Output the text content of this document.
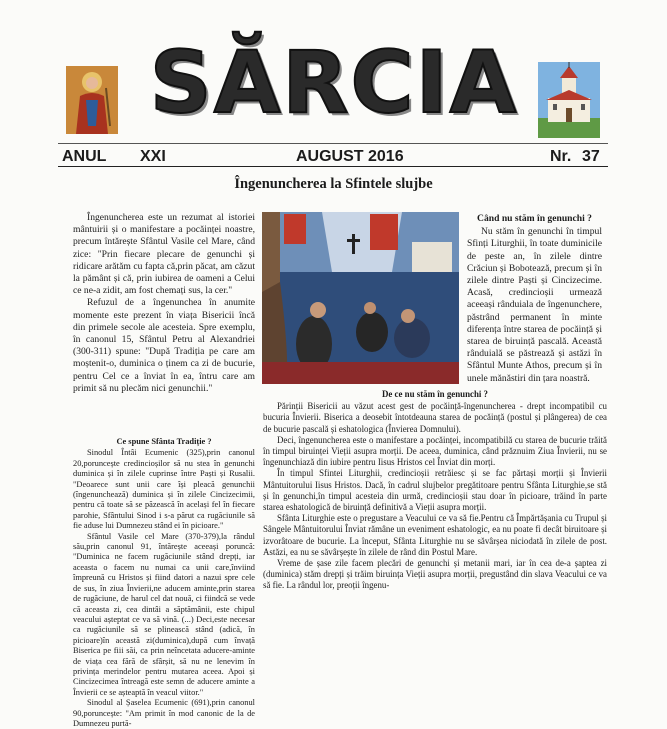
SĂRCIA
ANUL XXI	AUGUST 2016	Nr. 37
Îngenuncherea la Sfintele slujbe

Îngenuncherea este un rezumat al istoriei mântuirii și o manifestare a pocăinței noastre, precum întărește Sfântul Vasile cel Mare, când zice: "Prin fiecare plecare de genunchi și ridicare arătăm cu fapta că,prin păcat, am căzut la pământ și că, prin iubirea de oameni a Celui ce ne-a zidit, am fost chemați sus, la cer."

Refuzul de a îngenunchea în anumite momente este prezent în viața Bisericii încă din primele secole ale acesteia. Spre exemplu, în canonul 15, Sfântul Petru al Alexandriei (300-311) spune: "După Tradiția pe care am moștenit-o, duminica o ținem ca zi de bucurie, pentru Cel ce a înviat în ea, întru care am primit să nu plecăm nici genunchii."

Când nu stăm în genunchi ?

Nu stăm în genunchi în timpul Sfinți Liturghii, în toate duminicile de peste an, în zilele dintre Crăciun și Bobotează, precum și în zilele dintre Paști și Cincizecime. Acasă, credincioșii urmează aceeași rânduiala de îngenunchere, păstrând permanent în minte diferența între starea de pocăință și starea de biruință pascală. Această rânduială se păstrează și astăzi în Sfântul Munte Athos, precum și în unele mănăstiri din țara noastră.

Ce spune Sfânta Tradiție ?

Sinodul Întâi Ecumenic (325),prin canonul 20,poruncește credincioșilor să nu stea în genunchi duminica și în zilele cuprinse între Paști și Rusalii. "Deoarece sunt unii care își pleacă genunchii (îngenunchează) duminica și în zilele Cincizecimii, pentru că toate să se păzească în același fel în fiecare parohie, Sfântului Sinod i s-a părut ca rugăciunile să fie aduse lui Dumnezeu stând ei în picioare."

Sfântul Vasile cel Mare (370-379),la rândul său,prin canonul 91, întărește aceeași poruncă: "Duminica ne facem rugăciunile stând drepți, iar aceasta o facem nu numai ca unii care,înviind împreună cu Hristos și fiind datori a nazui spre cele de sus, în ziua Învierii,ne aducem aminte,prin starea de rugăciune, de harul cel dat nouă, ci fiindcă se vede că aceasta zi, cea dintâi a săptămânii, este chipul veacului așteptat ce va să vină. (...) Deci,este necesar ca rugăciunile să se plinească stând (adică, în picioare)în această zi(duminica),după cum învață Biserica pe fiii săi, ca prin neîncetata aducere-aminte de viața cea fără de sfârșit, să nu ne lenevim în privința merindelor pentru mutarea aceea. Apoi și Cincizecimea întreagă este semn de aducere aminte a Învierii ce se așteaptă în veacul viitor."

Sinodul al Șaselea Ecumenic (691),prin canonul 90,poruncește: "Am primit în mod canonic de la de Dumnezeu purtă-

De ce nu stăm în genunchi ?

Părinții Bisericii au văzut acest gest de pocăință-îngenuncherea - drept incompatibil cu bucuria Învierii. Biserica a deosebit întotdeauna starea de pocăință (postul și plângerea) de cea de bucurie pascală și eshatologica (Învierea Domnului).

Deci, îngenuncherea este o manifestare a pocăinței, incompatibilă cu starea de bucurie trăită în timpul biruinței Vieții asupra morții. De aceea, duminica, când prăznuim Ziua Învierii, nu se îngenunchiază din iubire pentru Iisus Hristos cel Înviat din morți.

În timpul Sfintei Liturghii, credincioșii retrăiesc și se fac părtași morții și Învierii Mântuitorului Iisus Hristos. Dacă, în cadrul slujbelor pregătitoare pentru Sfânta Liturghie,se stă și în genunchi,în timpul acesteia din urmă, credincioșii stau doar în picioare, trăind în parte starea eshatologică de biruință definitivă a Vieții asupra morții.

Sfânta Liturghie este o pregustare a Veacului ce va să fie.Pentru că Împărtășania cu Trupul și Sângele Mântuitorului Înviat rămâne un eveniment eshatologic, ea nu poate fi decât biruitoare și izvorâtoare de bucurie. La început, Sfânta Liturghie nu se săvârșea niciodată în zilele de post. Astăzi, ea nu se săvârșește în zilele de rând din Postul Mare.

Vreme de șase zile facem plecări de genunchi și metanii mari, iar în cea de-a șaptea zi (duminica) stăm drepți și trăim biruința Vieții asupra morții, pregustând din slava Veacului ce va să fie. La rândul lor, preoții îngenu-
